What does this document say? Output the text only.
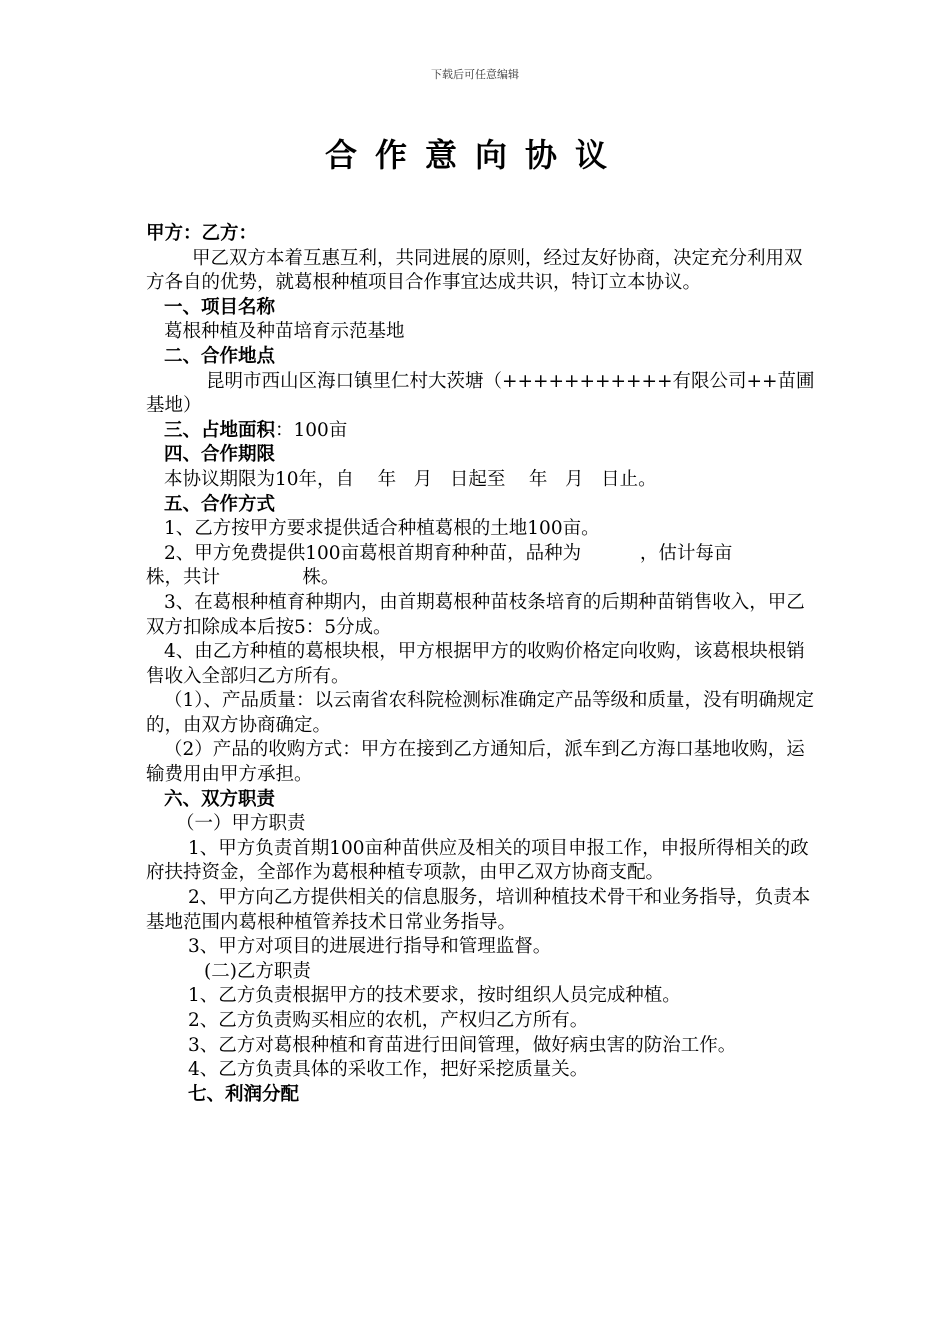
下载后可任意编辑
合作意向协议

甲方：乙方：

甲乙双方本着互惠互利，共同进展的原则，经过友好协商，决定充分利用双方各自的优势，就葛根种植项目合作事宜达成共识，特订立本协议。

一、项目名称

葛根种植及种苗培育示范基地

二、合作地点

昆明市西山区海口镇里仁村大茨塘（+++++++++++有限公司++苗圃基地）

三、占地面积：100亩

四、合作期限

本协议期限为10年，自    年   月   日起至    年   月   日止。

五、合作方式

1、乙方按甲方要求提供适合种植葛根的土地100亩。

2、甲方免费提供100亩葛根首期育种种苗，品种为          ，估计每亩          株，共计              株。

3、在葛根种植育种期内，由首期葛根种苗枝条培育的后期种苗销售收入，甲乙双方扣除成本后按5：5分成。

4、由乙方种植的葛根块根，甲方根据甲方的收购价格定向收购，该葛根块根销售收入全部归乙方所有。

（1）、产品质量：以云南省农科院检测标准确定产品等级和质量，没有明确规定的，由双方协商确定。

（2）产品的收购方式：甲方在接到乙方通知后，派车到乙方海口基地收购，运输费用由甲方承担。

六、双方职责

（一）甲方职责

1、甲方负责首期100亩种苗供应及相关的项目申报工作，申报所得相关的政府扶持资金，全部作为葛根种植专项款，由甲乙双方协商支配。

2、甲方向乙方提供相关的信息服务，培训种植技术骨干和业务指导，负责本基地范围内葛根种植管养技术日常业务指导。

3、甲方对项目的进展进行指导和管理监督。

(二)乙方职责

1、乙方负责根据甲方的技术要求，按时组织人员完成种植。

2、乙方负责购买相应的农机，产权归乙方所有。

3、乙方对葛根种植和育苗进行田间管理，做好病虫害的防治工作。

4、乙方负责具体的采收工作，把好采挖质量关。

七、利润分配
